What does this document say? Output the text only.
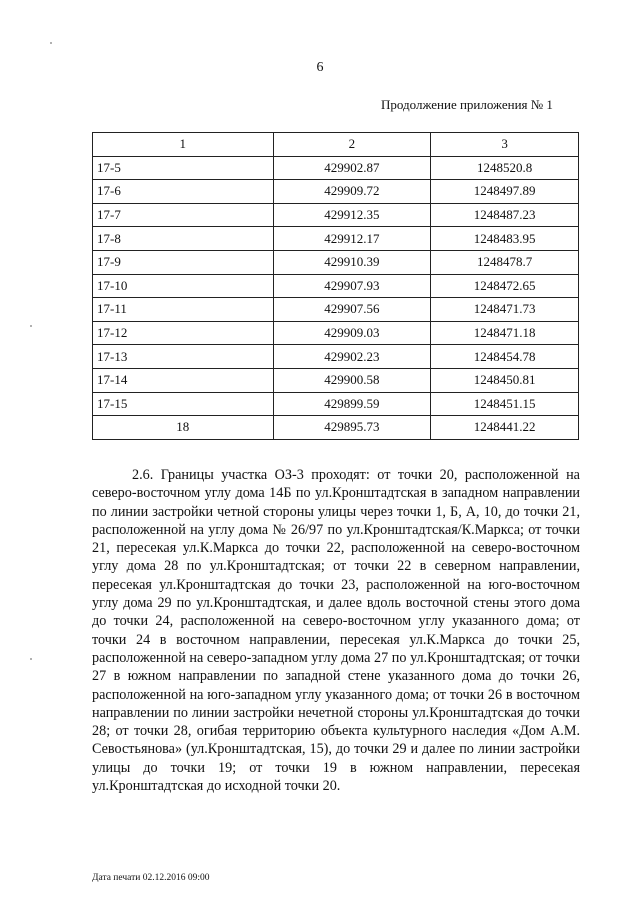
6
Продолжение приложения № 1
1	2	3
17-5	429902.87	1248520.8
17-6	429909.72	1248497.89
17-7	429912.35	1248487.23
17-8	429912.17	1248483.95
17-9	429910.39	1248478.7
17-10	429907.93	1248472.65
17-11	429907.56	1248471.73
17-12	429909.03	1248471.18
17-13	429902.23	1248454.78
17-14	429900.58	1248450.81
17-15	429899.59	1248451.15
18	429895.73	1248441.22

2.6. Границы участка ОЗ-3 проходят: от точки 20, расположенной на северо-восточном углу дома 14Б по ул.Кронштадтская в западном направлении по линии застройки четной стороны улицы через точки 1, Б, А, 10, до точки 21, расположенной на углу дома № 26/97 по ул.Кронштадтская/К.Маркса; от точки 21, пересекая ул.К.Маркса до точки 22, расположенной на северо-восточном углу дома 28 по ул.Кронштадтская; от точки 22 в северном направлении, пересекая ул.Кронштадтская до точки 23, расположенной на юго-восточном углу дома 29 по ул.Кронштадтская, и далее вдоль восточной стены этого дома до точки 24, расположенной на северо-восточном углу указанного дома; от точки 24 в восточном направлении, пересекая ул.К.Маркса до точки 25, расположенной на северо-западном углу дома 27 по ул.Кронштадтская; от точки 27 в южном направлении по западной стене указанного дома до точки 26, расположенной на юго-западном углу указанного дома; от точки 26 в восточном направлении по линии застройки нечетной стороны ул.Кронштадтская до точки 28; от точки 28, огибая территорию объекта культурного наследия «Дом А.М. Севостьянова» (ул.Кронштадтская, 15), до точки 29 и далее по линии застройки улицы до точки 19; от точки 19 в южном направлении, пересекая ул.Кронштадтская до исходной точки 20.

Дата печати 02.12.2016 09:00
